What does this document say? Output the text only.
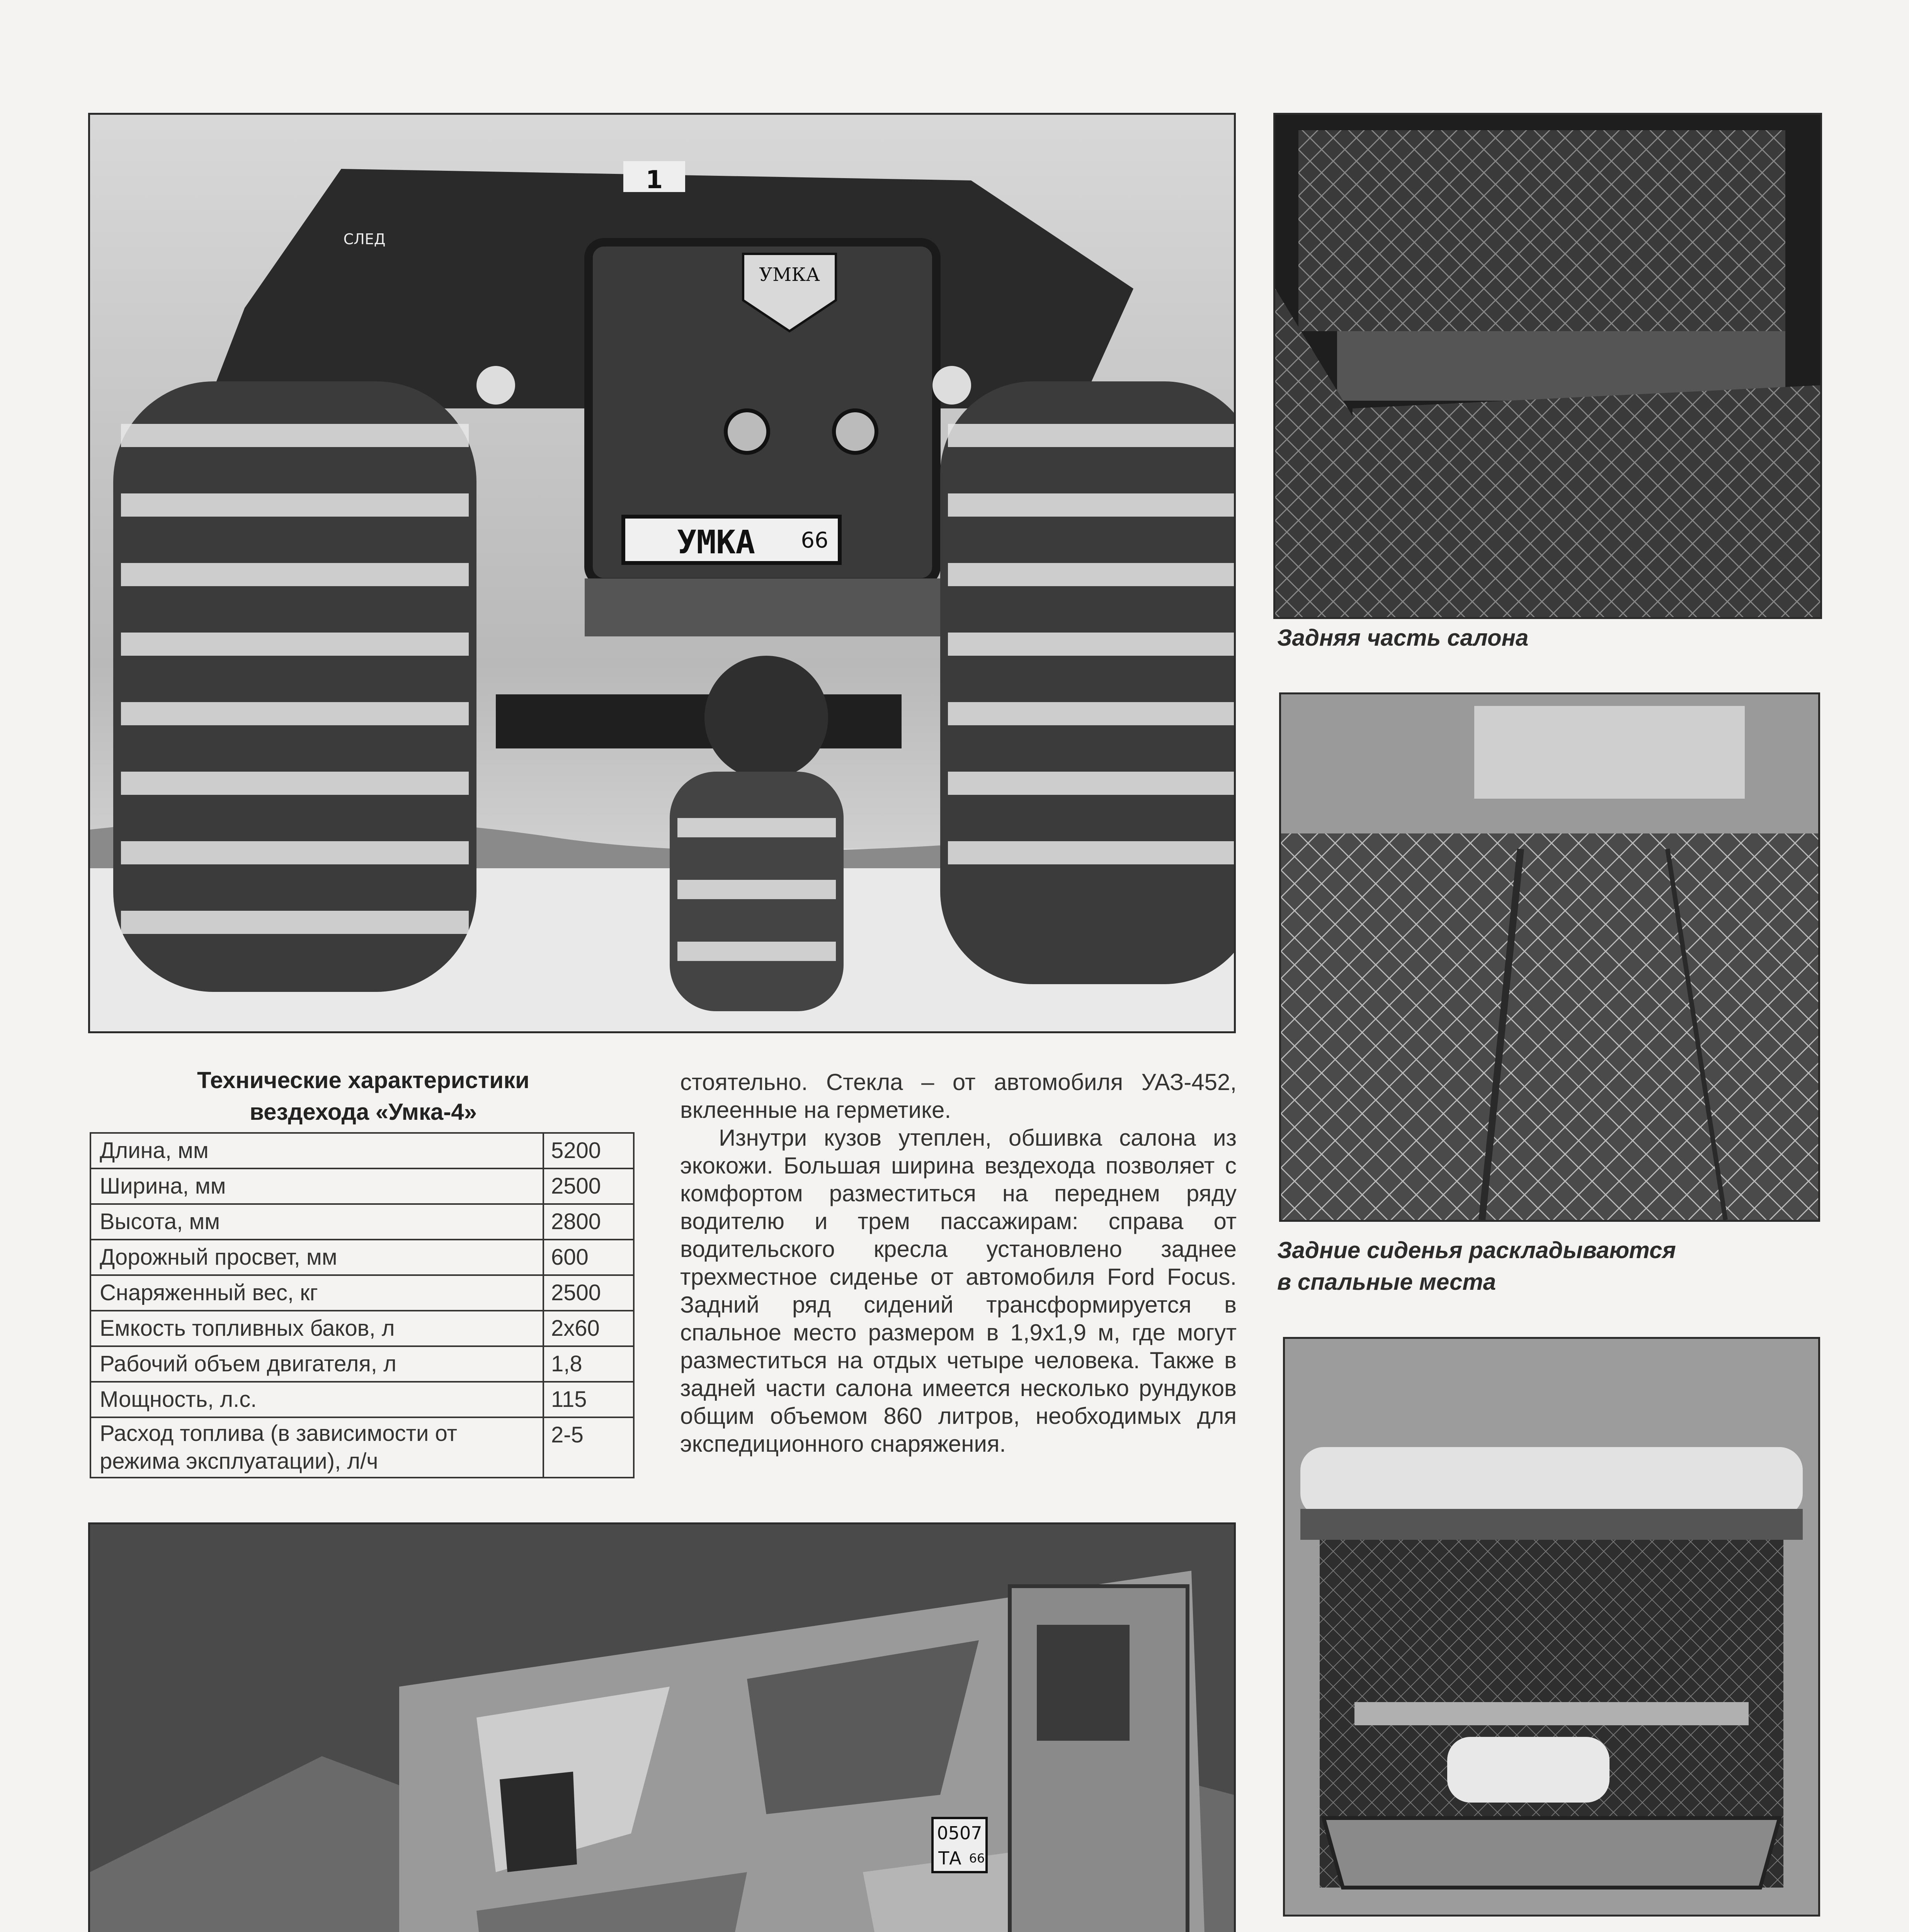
УМКА 66
УМКА
1
СЛЕД
Задняя часть салона
Задние сиденья раскладываются
в спальные места
Технические характеристики
вездехода «Умка-4»
Длина, мм	5200
Ширина, мм	2500
Высота, мм	2800
Дорожный просвет, мм	600
Снаряженный вес, кг	2500
Емкость топливных баков, л	2х60
Рабочий объем двигателя, л	1,8
Мощность, л.с.	115
Расход топлива (в зависимости от режима эксплуатации), л/ч	2-5

стоятельно. Стекла – от автомобиля УАЗ-452, вклеенные на герметике.

Изнутри кузов утеплен, обшивка салона из экокожи. Большая ширина вездехода позволяет с комфортом разместиться на переднем ряду водителю и трем пассажирам: справа от водительского кресла установлено заднее трехместное сиденье от автомобиля Ford Focus. Задний ряд сидений трансформируется в спальное место размером в 1,9х1,9 м, где могут разместиться на отдых четыре человека. Также в задней части салона имеется несколько рундуков общим объемом 860 литров, необходимых для экспедиционного снаряжения.

0507
ТА 66
